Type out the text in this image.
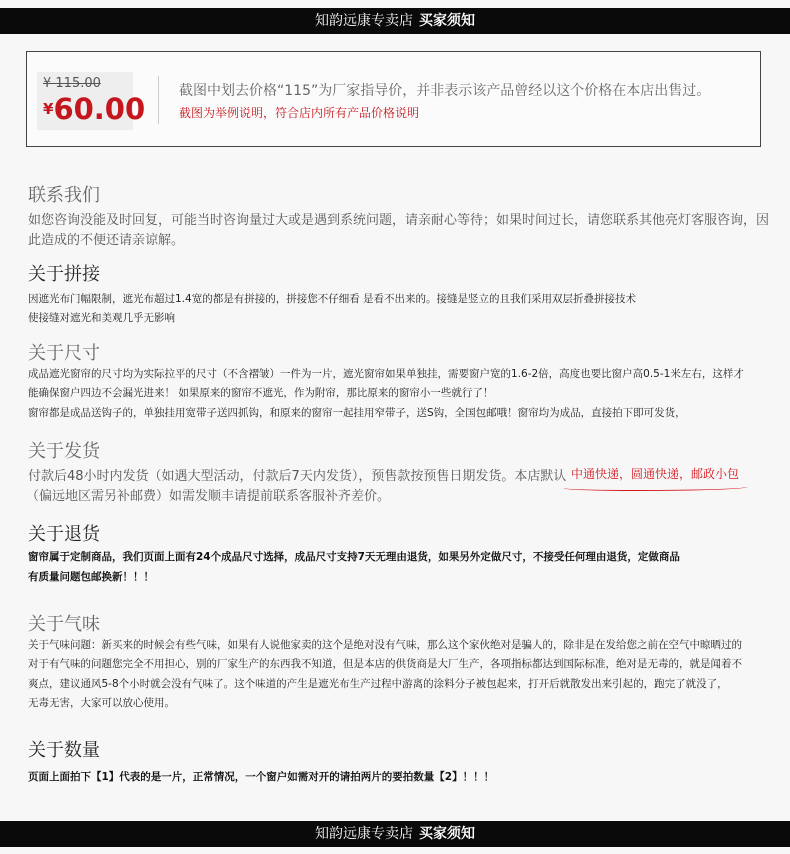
知韵远康专卖店 买家须知
¥ 115.00
¥60.00
截图中划去价格“115”为厂家指导价，并非表示该产品曾经以这个价格在本店出售过。
截图为举例说明，符合店内所有产品价格说明
联系我们
如您咨询没能及时回复，可能当时咨询量过大或是遇到系统问题，请亲耐心等待；如果时间过长，请您联系其他亮灯客服咨询，因
此造成的不便还请亲谅解。
关于拼接
因遮光布门幅限制，遮光布超过1.4宽的都是有拼接的，拼接您不仔细看 是看不出来的。接缝是竖立的且我们采用双层折叠拼接技术
使接缝对遮光和美观几乎无影响
关于尺寸
成品遮光窗帘的尺寸均为实际拉平的尺寸（不含褶皱）一件为一片，遮光窗帘如果单独挂，需要窗户宽的1.6-2倍，高度也要比窗户高0.5-1米左右，这样才
能确保窗户四边不会漏光进来！ 如果原来的窗帘不遮光，作为附帘，那比原来的窗帘小一些就行了！
窗帘都是成品送钩子的，单独挂用宽带子送四抓钩，和原来的窗帘一起挂用窄带子，送S钩，全国包邮哦！窗帘均为成品，直接拍下即可发货，
关于发货
付款后48小时内发货（如遇大型活动，付款后7天内发货），预售款按预售日期发货。本店默认 中通快递，圆通快递，邮政小包
（偏远地区需另补邮费）如需发顺丰请提前联系客服补齐差价。
关于退货
窗帘属于定制商品，我们页面上面有24个成品尺寸选择，成品尺寸支持7天无理由退货，如果另外定做尺寸，不接受任何理由退货，定做商品
有质量问题包邮换新！！！
关于气味
关于气味问题：新买来的时候会有些气味，如果有人说他家卖的这个是绝对没有气味，那么这个家伙绝对是骗人的，除非是在发给您之前在空气中晾晒过的
对于有气味的问题您完全不用担心，别的厂家生产的东西我不知道，但是本店的供货商是大厂生产，各项指标都达到国际标准，绝对是无毒的，就是闻着不
爽点，建议通风5-8个小时就会没有气味了。这个味道的产生是遮光布生产过程中游离的涂料分子被包起来，打开后就散发出来引起的，跑完了就没了，
无毒无害，大家可以放心使用。
关于数量
页面上面拍下【1】代表的是一片，正常情况，一个窗户如需对开的请拍两片的要拍数量【2】！！！
知韵远康专卖店 买家须知
